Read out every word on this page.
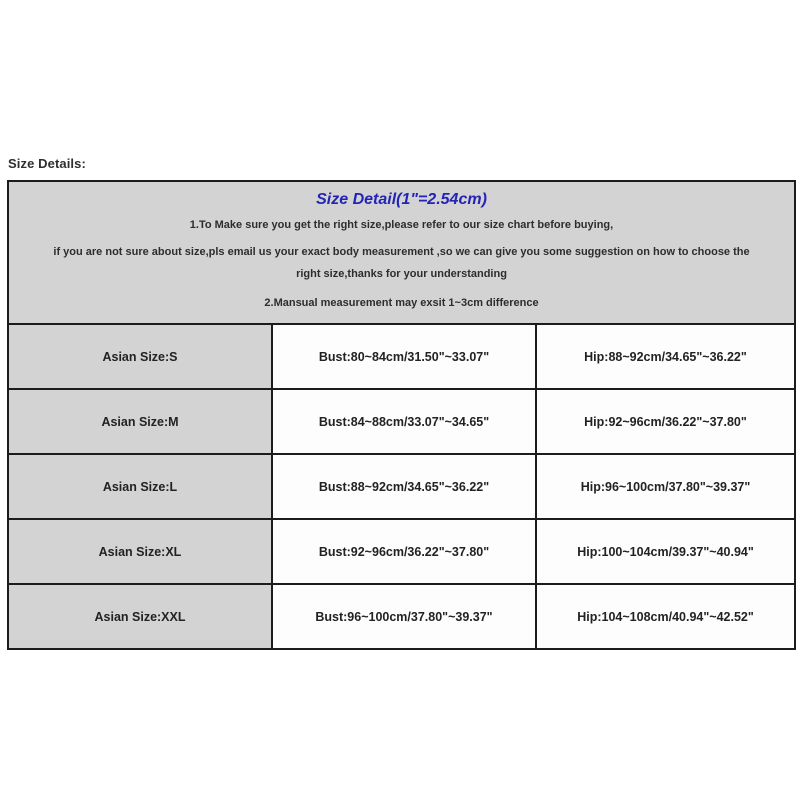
Size Details:
Size Detail(1"=2.54cm)
1.To Make sure you get the right size,please refer to our size chart before buying,
if you are not sure about size,pls email us your exact body measurement ,so we can give you some suggestion on how to choose the
right size,thanks for your understanding
2.Mansual measurement may exsit 1~3cm difference		

Asian Size:S	Bust:80~84cm/31.50"~33.07"	Hip:88~92cm/34.65"~36.22"
Asian Size:M	Bust:84~88cm/33.07"~34.65"	Hip:92~96cm/36.22"~37.80"
Asian Size:L	Bust:88~92cm/34.65"~36.22"	Hip:96~100cm/37.80"~39.37"
Asian Size:XL	Bust:92~96cm/36.22"~37.80"	Hip:100~104cm/39.37"~40.94"
Asian Size:XXL	Bust:96~100cm/37.80"~39.37"	Hip:104~108cm/40.94"~42.52"
